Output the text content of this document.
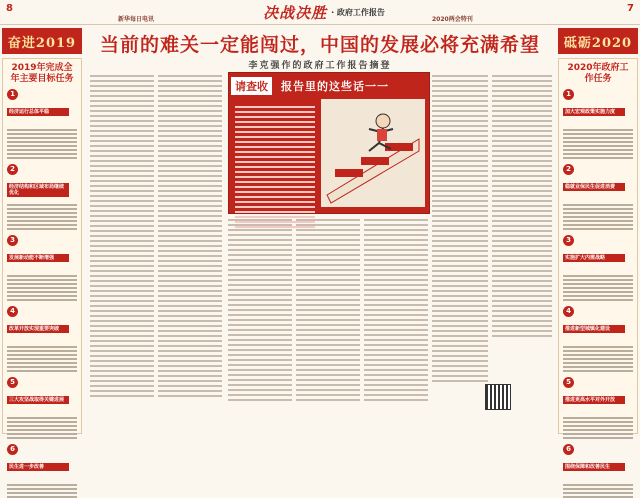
8	7
新华每日电讯	决战决胜 · 政府工作报告
2020两会特刊
奋进2019
2019年完成全年主要目标任务
1经济运行总体平稳
2经济结构和区域布局继续优化
3发展新动能不断增强
4改革开放实现重要突破
5三大攻坚战取得关键进展
6民生进一步改善
砥砺2020
2020年政府工作任务
1加大宏观政策实施力度
2稳就业保民生促进消费
3实施扩大内需战略
4推进新型城镇化建设
5推进更高水平对外开放
6围绕保障和改善民生
当前的难关一定能闯过，中国的发展必将充满希望
李克强作的政府工作报告摘登
请查收	报告里的这些话一一
